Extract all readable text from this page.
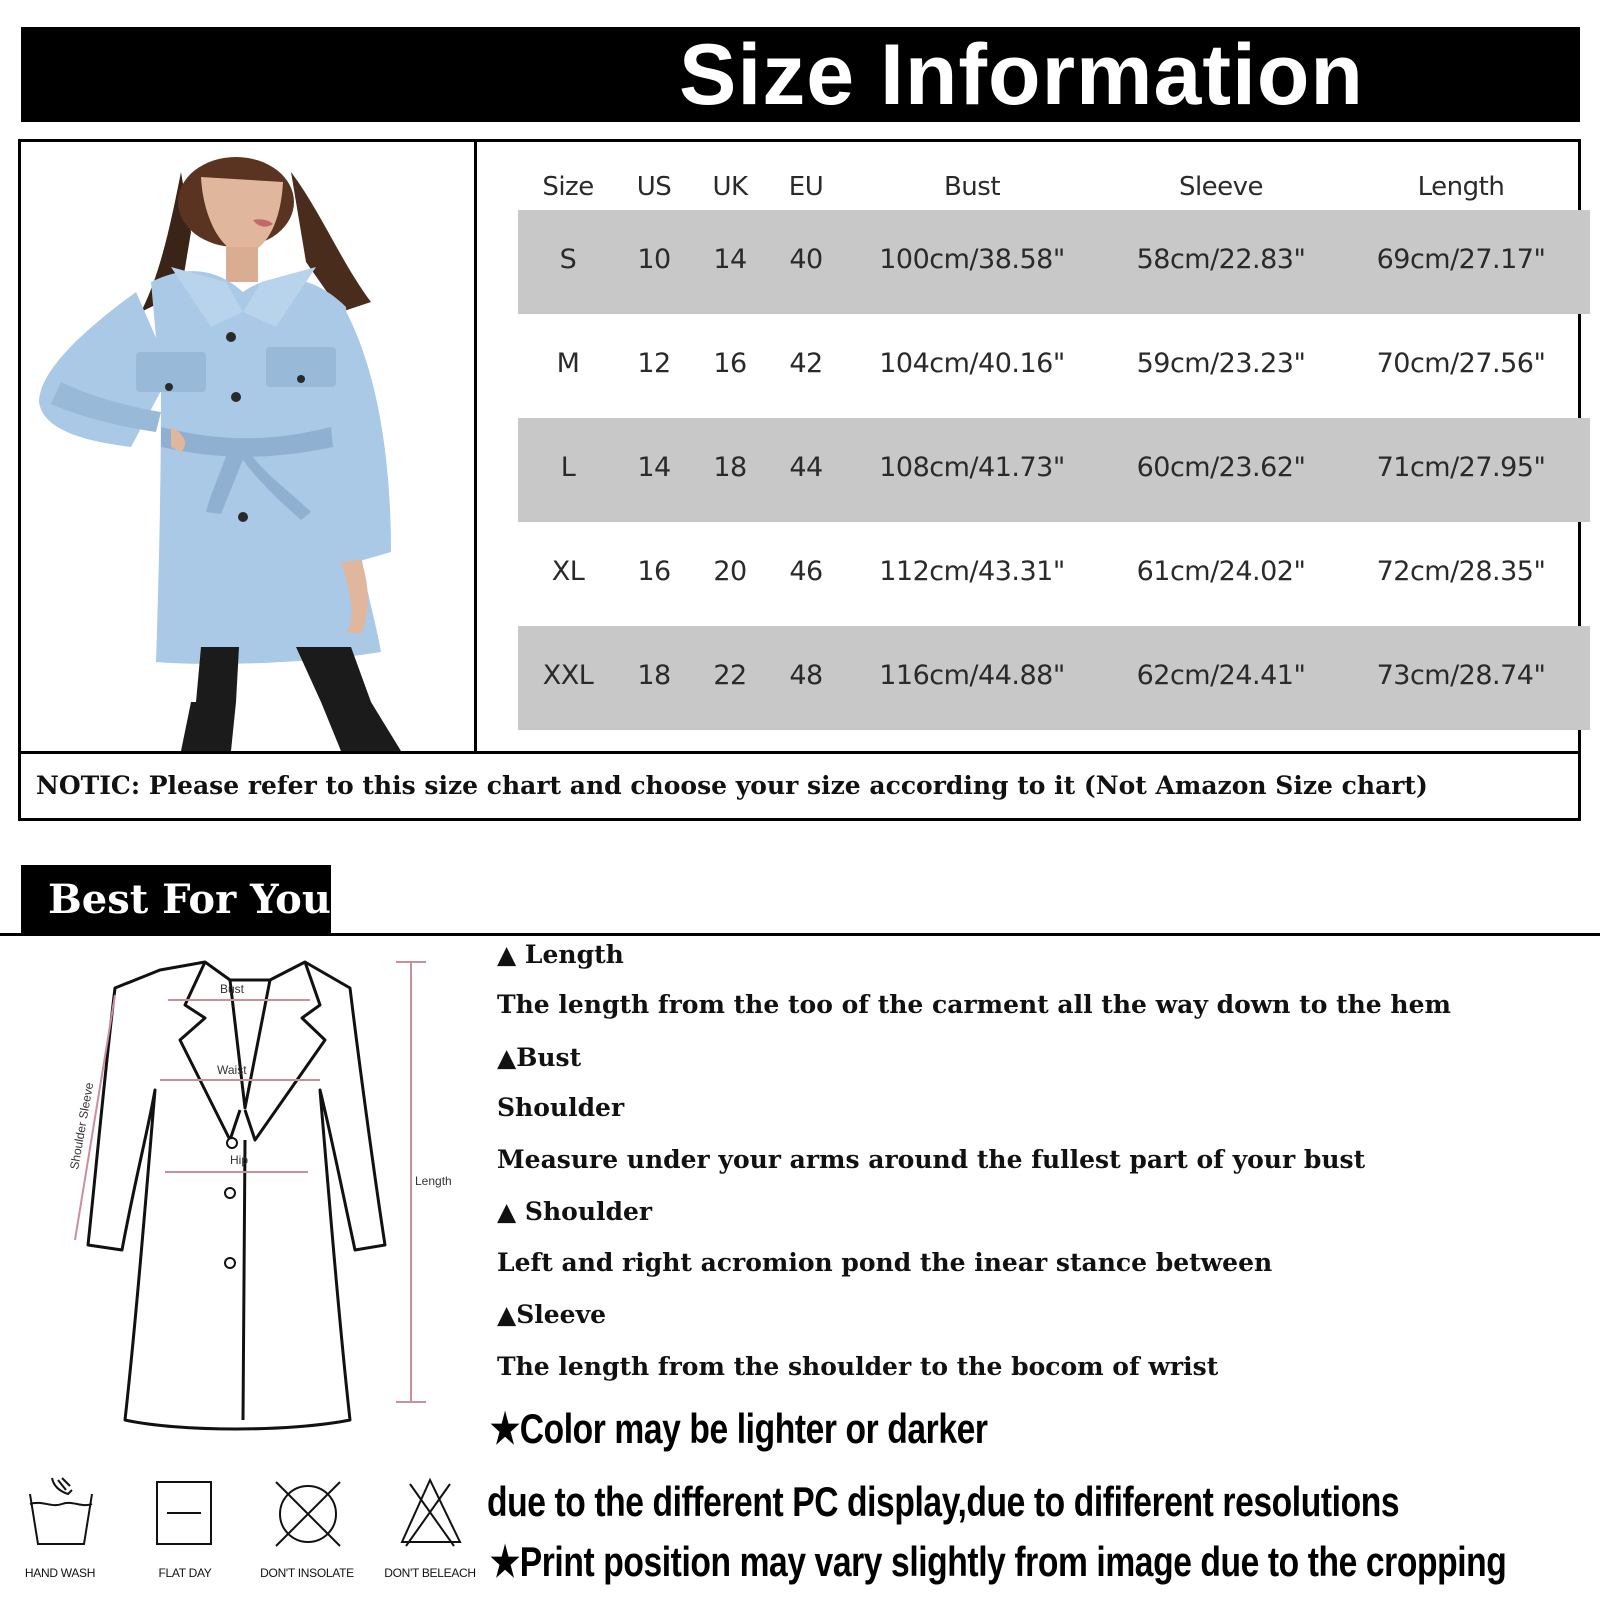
Size Information
Size US UK EU	Bust	Sleeve	Length
S 10 14 40 100cm/38.58"	58cm/22.83"	69cm/27.17"
M 12 16 42 104cm/40.16"	59cm/23.23"	70cm/27.56"
L 14 18 44 108cm/41.73"	60cm/23.62"	71cm/27.95"
XL 16 20 46 112cm/43.31"	61cm/24.02"	72cm/28.35"
XXL 18 22 48 116cm/44.88"	62cm/24.41"	73cm/28.74"
NOTIC: Please refer to this size chart and choose your size according to it (Not Amazon Size chart)
Best For You
Bust
Waist
Hip
Length
Shoulder Sleeve
HAND WASH	FLAT DAY	DON'T INSOLATE	DON'T BELEACH
▲ Length
The length from the too of the carment all the way down to the hem
▲Bust
Shoulder
Measure under your arms around the fullest part of your bust
▲ Shoulder
Left and right acromion pond the inear stance between
▲Sleeve
The length from the shoulder to the bocom of wrist
★Color may be lighter or darker
due to the different PC display,due to dififerent resolutions
★Print position may vary slightly from image due to the cropping
